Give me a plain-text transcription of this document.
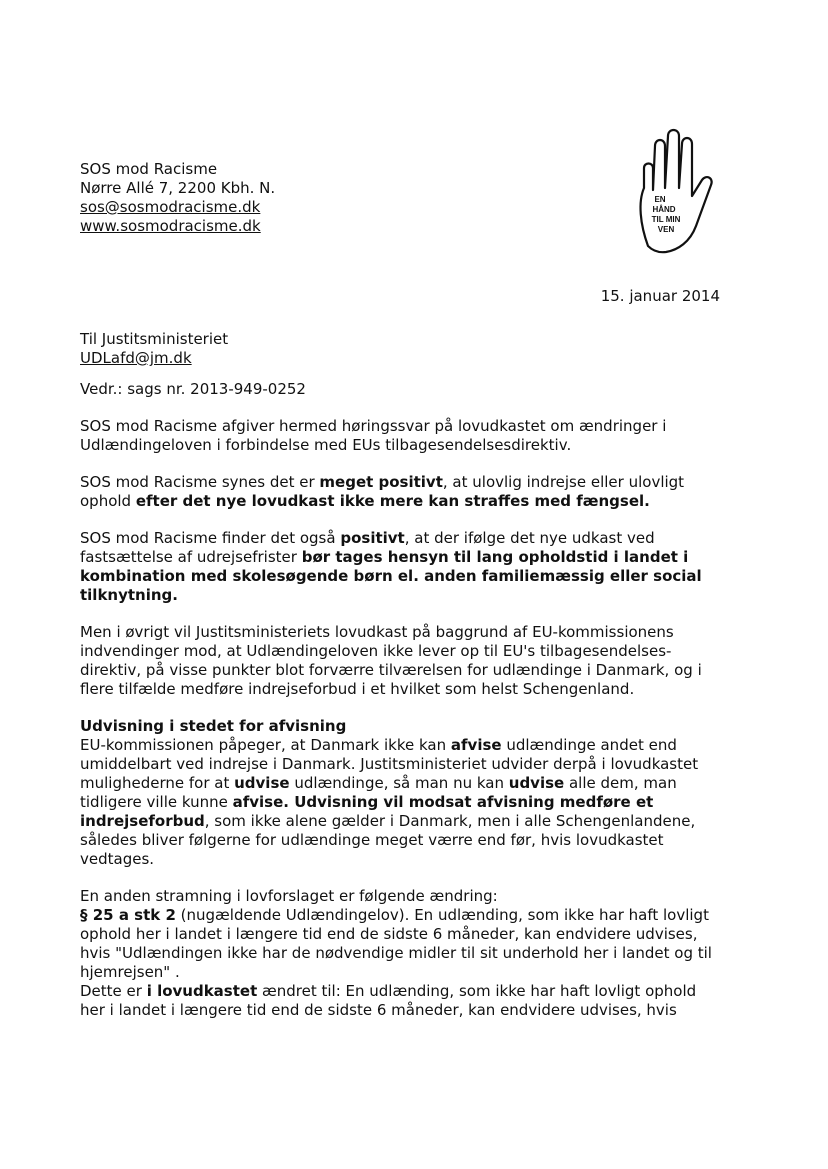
SOS mod Racisme
Nørre Allé 7, 2200 Kbh. N.
sos@sosmodracisme.dk
www.sosmodracisme.dk
EN
HÅND
TIL MIN
VEN
15. januar 2014
Til Justitsministeriet
UDLafd@jm.dk

Vedr.: sags nr. 2013-949-0252

SOS mod Racisme afgiver hermed høringssvar på lovudkastet om ændringer i Udlændingeloven i forbindelse med EUs tilbagesendelsesdirektiv.

SOS mod Racisme synes det er meget positivt, at ulovlig indrejse eller ulovligt ophold efter det nye lovudkast ikke mere kan straffes med fængsel.

SOS mod Racisme finder det også positivt, at der ifølge det nye udkast ved fastsættelse af udrejsefrister bør tages hensyn til lang opholdstid i landet i kombination med skolesøgende børn el. anden familiemæssig eller social tilknytning.

Men i øvrigt vil Justitsministeriets lovudkast på baggrund af EU-kommissionens indvendinger mod, at Udlændingeloven ikke lever op til EU's tilbagesendelses-direktiv, på visse punkter blot forværre tilværelsen for udlændinge i Danmark, og i flere tilfælde medføre indrejseforbud i et hvilket som helst Schengenland.

Udvisning i stedet for afvisning

EU-kommissionen påpeger, at Danmark ikke kan afvise udlændinge andet end umiddelbart ved indrejse i Danmark. Justitsministeriet udvider derpå i lovudkastet mulighederne for at udvise udlændinge, så man nu kan udvise alle dem, man tidligere ville kunne afvise. Udvisning vil modsat afvisning medføre et indrejseforbud, som ikke alene gælder i Danmark, men i alle Schengenlandene, således bliver følgerne for udlændinge meget værre end før, hvis lovudkastet vedtages.

En anden stramning i lovforslaget er følgende ændring:

§ 25 a stk 2 (nugældende Udlændingelov). En udlænding, som ikke har haft lovligt ophold her i landet i længere tid end de sidste 6 måneder, kan endvidere udvises, hvis "Udlændingen ikke har de nødvendige midler til sit underhold her i landet og til hjemrejsen" .

Dette er i lovudkastet ændret til: En udlænding, som ikke har haft lovligt ophold her i landet i længere tid end de sidste 6 måneder, kan endvidere udvises, hvis
